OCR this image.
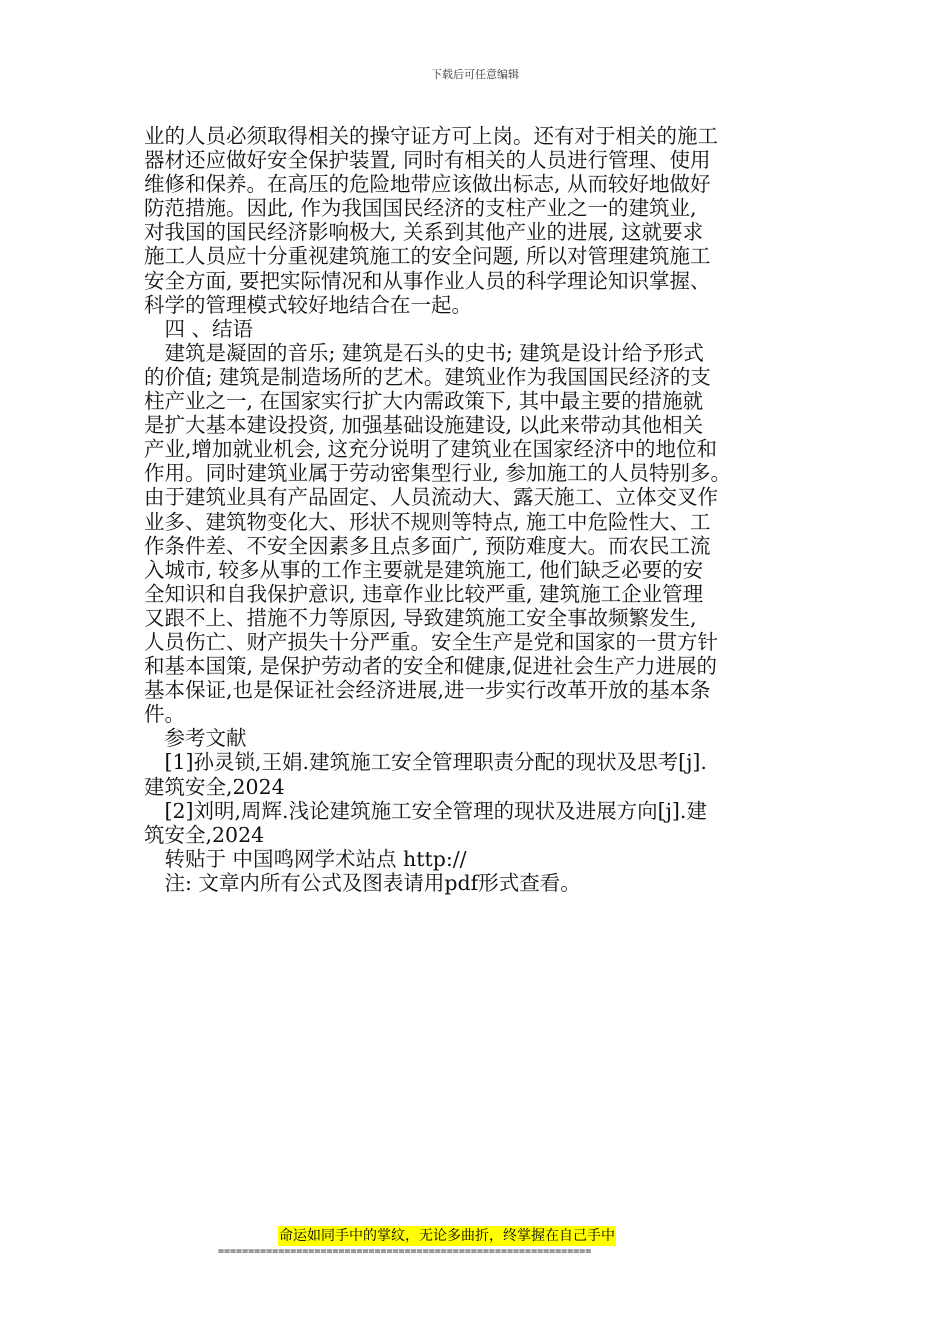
下载后可任意编辑
业的人员必须取得相关的操守证方可上岗。还有对于相关的施工
器材还应做好安全保护装置, 同时有相关的人员进行管理、使用
维修和保养。在高压的危险地带应该做出标志, 从而较好地做好
防范措施。因此, 作为我国国民经济的支柱产业之一的建筑业,
对我国的国民经济影响极大, 关系到其他产业的进展, 这就要求
施工人员应十分重视建筑施工的安全问题, 所以对管理建筑施工
安全方面, 要把实际情况和从事作业人员的科学理论知识掌握、
科学的管理模式较好地结合在一起。
　四 、结语
　建筑是凝固的音乐; 建筑是石头的史书; 建筑是设计给予形式
的价值; 建筑是制造场所的艺术。建筑业作为我国国民经济的支
柱产业之一, 在国家实行扩大内需政策下, 其中最主要的措施就
是扩大基本建设投资, 加强基础设施建设, 以此来带动其他相关
产业,增加就业机会, 这充分说明了建筑业在国家经济中的地位和
作用。同时建筑业属于劳动密集型行业, 参加施工的人员特别多。
由于建筑业具有产品固定、人员流动大、露天施工、立体交叉作
业多、建筑物变化大、形状不规则等特点, 施工中危险性大、工
作条件差、不安全因素多且点多面广, 预防难度大。而农民工流
入城市, 较多从事的工作主要就是建筑施工, 他们缺乏必要的安
全知识和自我保护意识, 违章作业比较严重, 建筑施工企业管理
又跟不上、措施不力等原因, 导致建筑施工安全事故频繁发生,
人员伤亡、财产损失十分严重。安全生产是党和国家的一贯方针
和基本国策, 是保护劳动者的安全和健康,促进社会生产力进展的
基本保证,也是保证社会经济进展,进一步实行改革开放的基本条
件。
　参考文献
　[1]孙灵锁,王娟.建筑施工安全管理职责分配的现状及思考[j].
建筑安全,2024
　[2]刘明,周辉.浅论建筑施工安全管理的现状及进展方向[j].建
筑安全,2024
　转贴于 中国鸣网学术站点 http://
　注: 文章内所有公式及图表请用pdf形式查看。
命运如同手中的掌纹，无论多曲折，终掌握在自己手中
==============================================================
